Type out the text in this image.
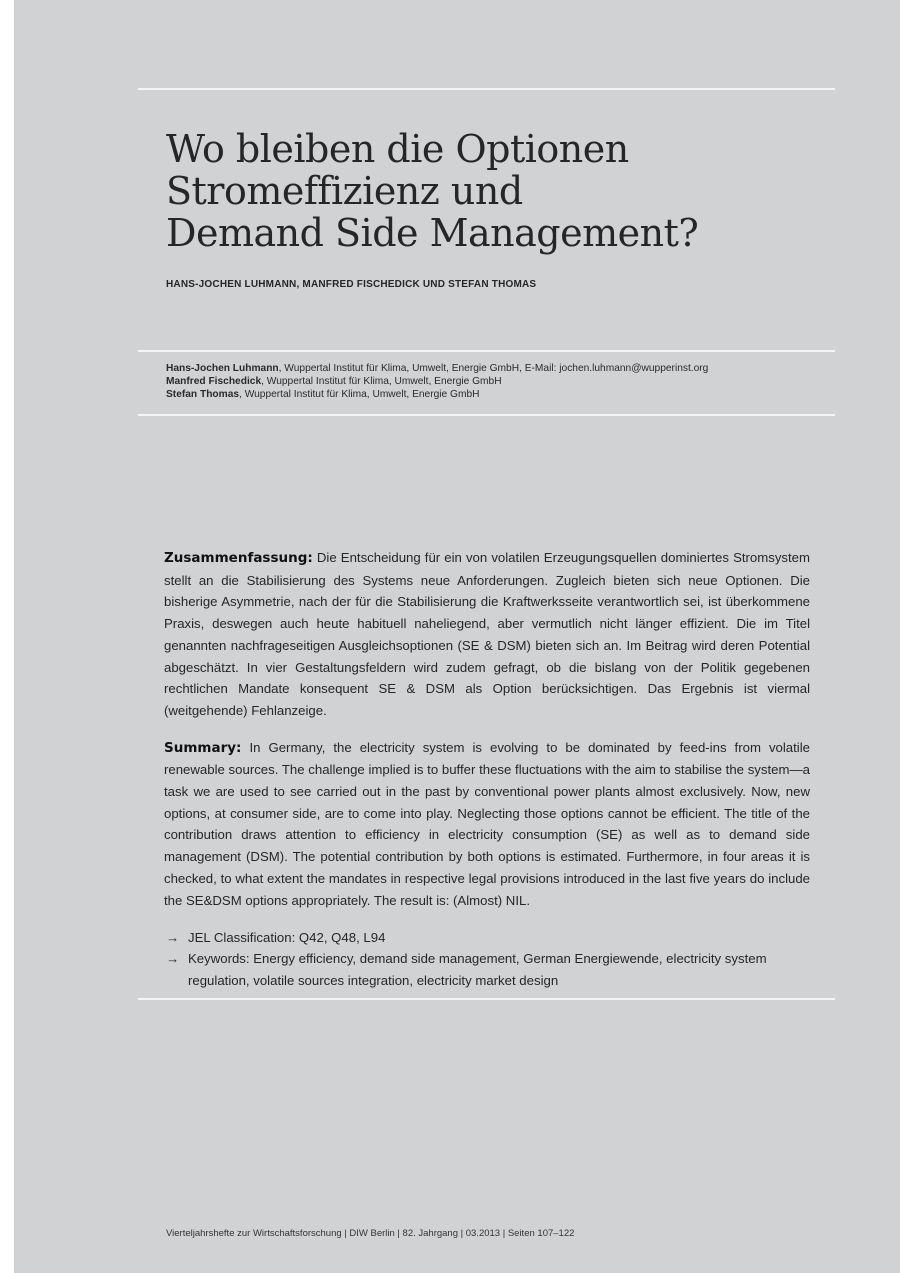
Wo bleiben die Optionen
Stromeffizienz und
Demand Side Management?
HANS-JOCHEN LUHMANN, MANFRED FISCHEDICK UND STEFAN THOMAS
Hans-Jochen Luhmann, Wuppertal Institut für Klima, Umwelt, Energie GmbH, E-Mail: jochen.luhmann@wupperinst.org
Manfred Fischedick, Wuppertal Institut für Klima, Umwelt, Energie GmbH
Stefan Thomas, Wuppertal Institut für Klima, Umwelt, Energie GmbH

Zusammenfassung: Die Entscheidung für ein von volatilen Erzeugungsquellen dominiertes Stromsystem stellt an die Stabilisierung des Systems neue Anforderungen. Zugleich bieten sich neue Optionen. Die bisherige Asymmetrie, nach der für die Stabilisierung die Kraftwerksseite verantwortlich sei, ist überkommene Praxis, deswegen auch heute habituell naheliegend, aber vermutlich nicht länger effizient. Die im Titel genannten nachfrageseitigen Ausgleichsoptionen (SE & DSM) bieten sich an. Im Beitrag wird deren Potential abgeschätzt. In vier Gestaltungsfeldern wird zudem gefragt, ob die bislang von der Politik gegebenen rechtlichen Mandate konsequent SE & DSM als Option berücksichtigen. Das Ergebnis ist viermal (weitgehende) Fehlanzeige.

Summary: In Germany, the electricity system is evolving to be dominated by feed-ins from volatile renewable sources. The challenge implied is to buffer these fluctuations with the aim to stabilise the system—a task we are used to see carried out in the past by conventional power plants almost exclusively. Now, new options, at consumer side, are to come into play. Neglecting those options cannot be efficient. The title of the contribution draws attention to efficiency in electricity consumption (SE) as well as to demand side management (DSM). The potential contribution by both options is estimated. Furthermore, in four areas it is checked, to what extent the mandates in respective legal provisions introduced in the last five years do include the SE&DSM options appropriately. The result is: (Almost) NIL.

→ JEL Classification: Q42, Q48, L94
→ Keywords: Energy efficiency, demand side management, German Energiewende, electricity system regulation, volatile sources integration, electricity market design
Vierteljahrshefte zur Wirtschaftsforschung | DIW Berlin | 82. Jahrgang | 03.2013 | Seiten 107–122
